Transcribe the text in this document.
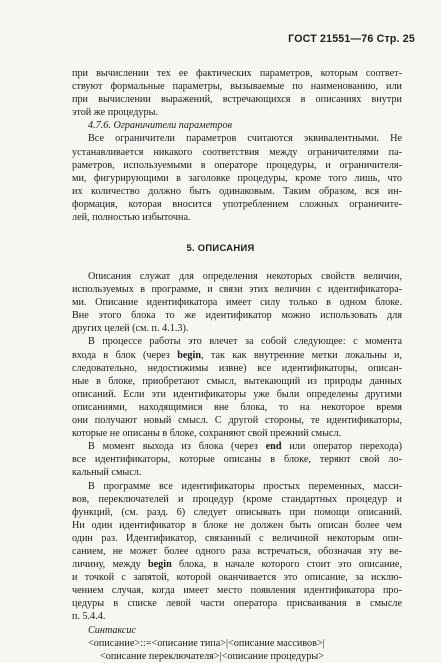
ГОСТ 21551—76 Стр. 25
при вычислении тех ее фактических параметров, которым соответ-
ствуют формальные параметры, вызываемые по наименованию, или
при вычислении выражений, встречающихся в описаниях внутри
этой же процедуры.
4.7.6. Ограничители параметров
Все ограничители параметров считаются эквивалентными. Не
устанавливается никакого соответствия между ограничителями па-
раметров, используемыми в операторе процедуры, и ограничителя-
ми, фигурирующими в заголовке процедуры, кроме того лишь, что
их количество должно быть одинаковым. Таким образом, вся ин-
формация, которая вносится употреблением сложных ограничите-
лей, полностью избыточна.
5. ОПИСАНИЯ
Описания служат для определения некоторых свойств величин,
используемых в программе, и связи этих величин с идентификатора-
ми. Описание идентификатора имеет силу только в одном блоке.
Вне этого блока то же идентификатор можно использовать для
других целей (см. п. 4.1.3).
В процессе работы это влечет за собой следующее: с момента
входа в блок (через begin, так как внутренние метки локальны и,
следовательно, недостижимы извне) все идентификаторы, описан-
ные в блоке, приобретают смысл, вытекающий из природы данных
описаний. Если эти идентификаторы уже были определены другими
описаниями, находящимися вне блока, то на некоторое время
они получают новый смысл. С другой стороны, те идентификаторы,
которые не описаны в блоке, сохраняют свой прежний смысл.
В момент выхода из блока (через end или оператор перехода)
все идентификаторы, которые описаны в блоке, теряют свой ло-
кальный смысл.
В программе все идентификаторы простых переменных, масси-
вов, переключателей и процедур (кроме стандартных процедур и
функций, (см. разд. 6) следует описывать при помощи описаний.
Ни один идентификатор в блоке не должен быть описан более чем
один раз. Идентификатор, связанный с величиной некоторым опи-
санием, не может более одного раза встречаться, обозначая эту ве-
личину, между begin блока, в начале которого стоит это описание,
и точкой с запятой, которой оканчивается это описание, за исклю-
чением случая, когда имеет место появления идентификатора про-
цедуры в списке левой части оператора присваивания в смысле
п. 5.4.4.
Синтаксис
<описание>::=<описание типа>|<описание массивов>|
<описание переключателя>|<описание процедуры>
